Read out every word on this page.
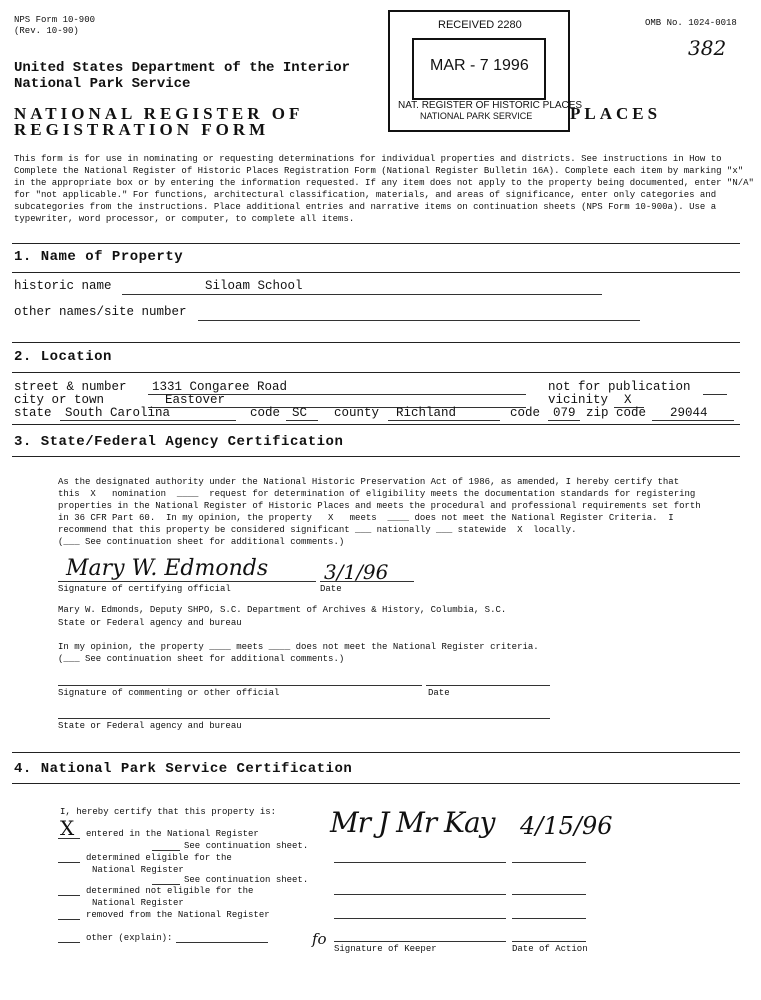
NPS Form 10-900
(Rev. 10-90)
OMB No. 1024-0018
382
United States Department of the Interior
National Park Service
NATIONAL REGISTER OF	PLACES
REGISTRATION FORM
RECEIVED 2280
MAR - 7 1996
NAT. REGISTER OF HISTORIC PLACES
NATIONAL PARK SERVICE
This form is for use in nominating or requesting determinations for individual properties and districts. See instructions in How to
Complete the National Register of Historic Places Registration Form (National Register Bulletin 16A). Complete each item by marking "x"
in the appropriate box or by entering the information requested. If any item does not apply to the property being documented, enter "N/A"
for "not applicable." For functions, architectural classification, materials, and areas of significance, enter only categories and
subcategories from the instructions. Place additional entries and narrative items on continuation sheets (NPS Form 10-900a). Use a
typewriter, word processor, or computer, to complete all items.
1. Name of Property
historic name	Siloam School
other names/site number
2. Location
street & number 1331 Congaree Road	not for publication
city or town	Eastover	vicinity X
state South Carolina	code SC county Richland	code 079 zip code 29044
3. State/Federal Agency Certification
As the designated authority under the National Historic Preservation Act of 1986, as amended, I hereby certify that
this  X   nomination  ____  request for determination of eligibility meets the documentation standards for registering
properties in the National Register of Historic Places and meets the procedural and professional requirements set forth
in 36 CFR Part 60.  In my opinion, the property   X   meets  ____ does not meet the National Register Criteria.  I
recommend that this property be considered significant ___ nationally ___ statewide  X  locally.
(___ See continuation sheet for additional comments.)
Mary W. Edmonds	3/1/96
Signature of certifying official	Date
Mary W. Edmonds, Deputy SHPO, S.C. Department of Archives & History, Columbia, S.C.
State or Federal agency and bureau
In my opinion, the property ____ meets ____ does not meet the National Register criteria.
(___ See continuation sheet for additional comments.)
Signature of commenting or other official	Date
State or Federal agency and bureau
4. National Park Service Certification
I, hereby certify that this property is:
X entered in the National Register
See continuation sheet.
determined eligible for the
National Register
See continuation sheet.
determined not eligible for the
National Register
removed from the National Register
other (explain):
Mr J Mr Kay 4/15/96
fo
Signature of Keeper	Date of Action
